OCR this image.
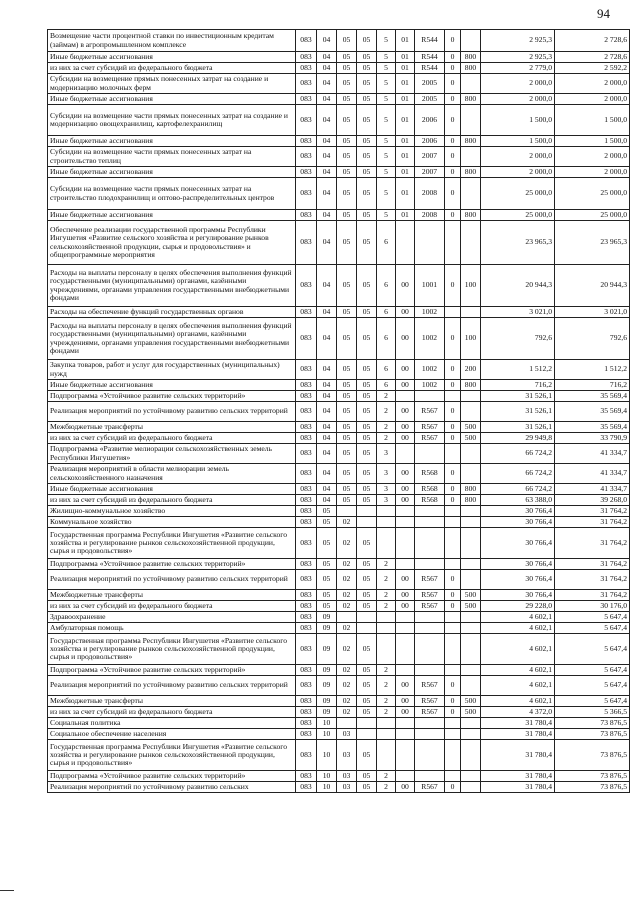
94
Возмещение части процентной ставки по инвестиционным кредитам (займам) в агропромышленном комплексе	083	04	05	05	5	01	R544	0		2 925,3	2 728,6
Иные бюджетные ассигнования	083	04	05	05	5	01	R544	0	800	2 925,3	2 728,6
из них за счет субсидий из федерального бюджета	083	04	05	05	5	01	R544	0	800	2 779,0	2 592,2
Субсидии на возмещение прямых понесенных затрат на создание и модернизацию молочных ферм	083	04	05	05	5	01	2005	0		2 000,0	2 000,0
Иные бюджетные ассигнования	083	04	05	05	5	01	2005	0	800	2 000,0	2 000,0
Субсидии на возмещение части прямых понесенных затрат на создание и модернизацию овощехранилищ, картофелехранилищ	083	04	05	05	5	01	2006	0		1 500,0	1 500,0
Иные бюджетные ассигнования	083	04	05	05	5	01	2006	0	800	1 500,0	1 500,0
Субсидии на возмещение части прямых понесенных затрат на строительство теплиц	083	04	05	05	5	01	2007	0		2 000,0	2 000,0
Иные бюджетные ассигнования	083	04	05	05	5	01	2007	0	800	2 000,0	2 000,0
Субсидии на возмещение части прямых понесенных затрат на строительство плодохранилищ и оптово-распределительных центров	083	04	05	05	5	01	2008	0		25 000,0	25 000,0
Иные бюджетные ассигнования	083	04	05	05	5	01	2008	0	800	25 000,0	25 000,0
Обеспечение реализации государственной программы Республики Ингушетия «Развитие сельского хозяйства и регулирование рынков сельскохозяйственной продукции, сырья и продовольствия» и общепрограммные мероприятия	083	04	05	05	6					23 965,3	23 965,3
Расходы на выплаты персоналу в целях обеспечения выполнения функций государственными (муниципальными) органами, казёнными учреждениями, органами управления государственными внебюджетными фондами	083	04	05	05	6	00	1001	0	100	20 944,3	20 944,3
Расходы на обеспечение функций государственных органов	083	04	05	05	6	00	1002			3 021,0	3 021,0
Расходы на выплаты персоналу в целях обеспечения выполнения функций государственными (муниципальными) органами, казёнными учреждениями, органами управления государственными внебюджетными фондами	083	04	05	05	6	00	1002	0	100	792,6	792,6
Закупка товаров, работ и услуг для государственных (муниципальных) нужд	083	04	05	05	6	00	1002	0	200	1 512,2	1 512,2
Иные бюджетные ассигнования	083	04	05	05	6	00	1002	0	800	716,2	716,2
Подпрограмма «Устойчивое развитие сельских территорий»	083	04	05	05	2					31 526,1	35 569,4
Реализация мероприятий по устойчивому развитию сельских территорий	083	04	05	05	2	00	R567	0		31 526,1	35 569,4
Межбюджетные трансферты	083	04	05	05	2	00	R567	0	500	31 526,1	35 569,4
из них за счет субсидий из федерального бюджета	083	04	05	05	2	00	R567	0	500	29 949,8	33 790,9
Подпрограмма «Развитие мелиорации сельскохозяйственных земель Республики Ингушетия»	083	04	05	05	3					66 724,2	41 334,7
Реализация мероприятий в области мелиорации земель сельскохозяйственного назначения	083	04	05	05	3	00	R568	0		66 724,2	41 334,7
Иные бюджетные ассигнования	083	04	05	05	3	00	R568	0	800	66 724,2	41 334,7
из них за счет субсидий из федерального бюджета	083	04	05	05	3	00	R568	0	800	63 388,0	39 268,0
Жилищно-коммунальное хозяйство	083	05								30 766,4	31 764,2
Коммунальное хозяйство	083	05	02							30 766,4	31 764,2
Государственная программа Республики Ингушетия «Развитие сельского хозяйства и регулирование рынков сельскохозяйственной продукции, сырья и продовольствия»	083	05	02	05						30 766,4	31 764,2
Подпрограмма «Устойчивое развитие сельских территорий»	083	05	02	05	2					30 766,4	31 764,2
Реализация мероприятий по устойчивому развитию сельских территорий	083	05	02	05	2	00	R567	0		30 766,4	31 764,2
Межбюджетные трансферты	083	05	02	05	2	00	R567	0	500	30 766,4	31 764,2
из них за счет субсидий из федерального бюджета	083	05	02	05	2	00	R567	0	500	29 228,0	30 176,0
Здравоохранение	083	09								4 602,1	5 647,4
Амбулаторная помощь	083	09	02							4 602,1	5 647,4
Государственная программа Республики Ингушетия «Развитие сельского хозяйства и регулирование рынков сельскохозяйственной продукции, сырья и продовольствия»	083	09	02	05						4 602,1	5 647,4
Подпрограмма «Устойчивое развитие сельских территорий»	083	09	02	05	2					4 602,1	5 647,4
Реализация мероприятий по устойчивому развитию сельских территорий	083	09	02	05	2	00	R567	0		4 602,1	5 647,4
Межбюджетные трансферты	083	09	02	05	2	00	R567	0	500	4 602,1	5 647,4
из них за счет субсидий из федерального бюджета	083	09	02	05	2	00	R567	0	500	4 372,0	5 366,5
Социальная политика	083	10								31 780,4	73 876,5
Социальное обеспечение населения	083	10	03							31 780,4	73 876,5
Государственная программа Республики Ингушетия «Развитие сельского хозяйства и регулирование рынков сельскохозяйственной продукции, сырья и продовольствия»	083	10	03	05						31 780,4	73 876,5
Подпрограмма «Устойчивое развитие сельских территорий»	083	10	03	05	2					31 780,4	73 876,5
Реализация мероприятий по устойчивому развитию сельских	083	10	03	05	2	00	R567	0		31 780,4	73 876,5
